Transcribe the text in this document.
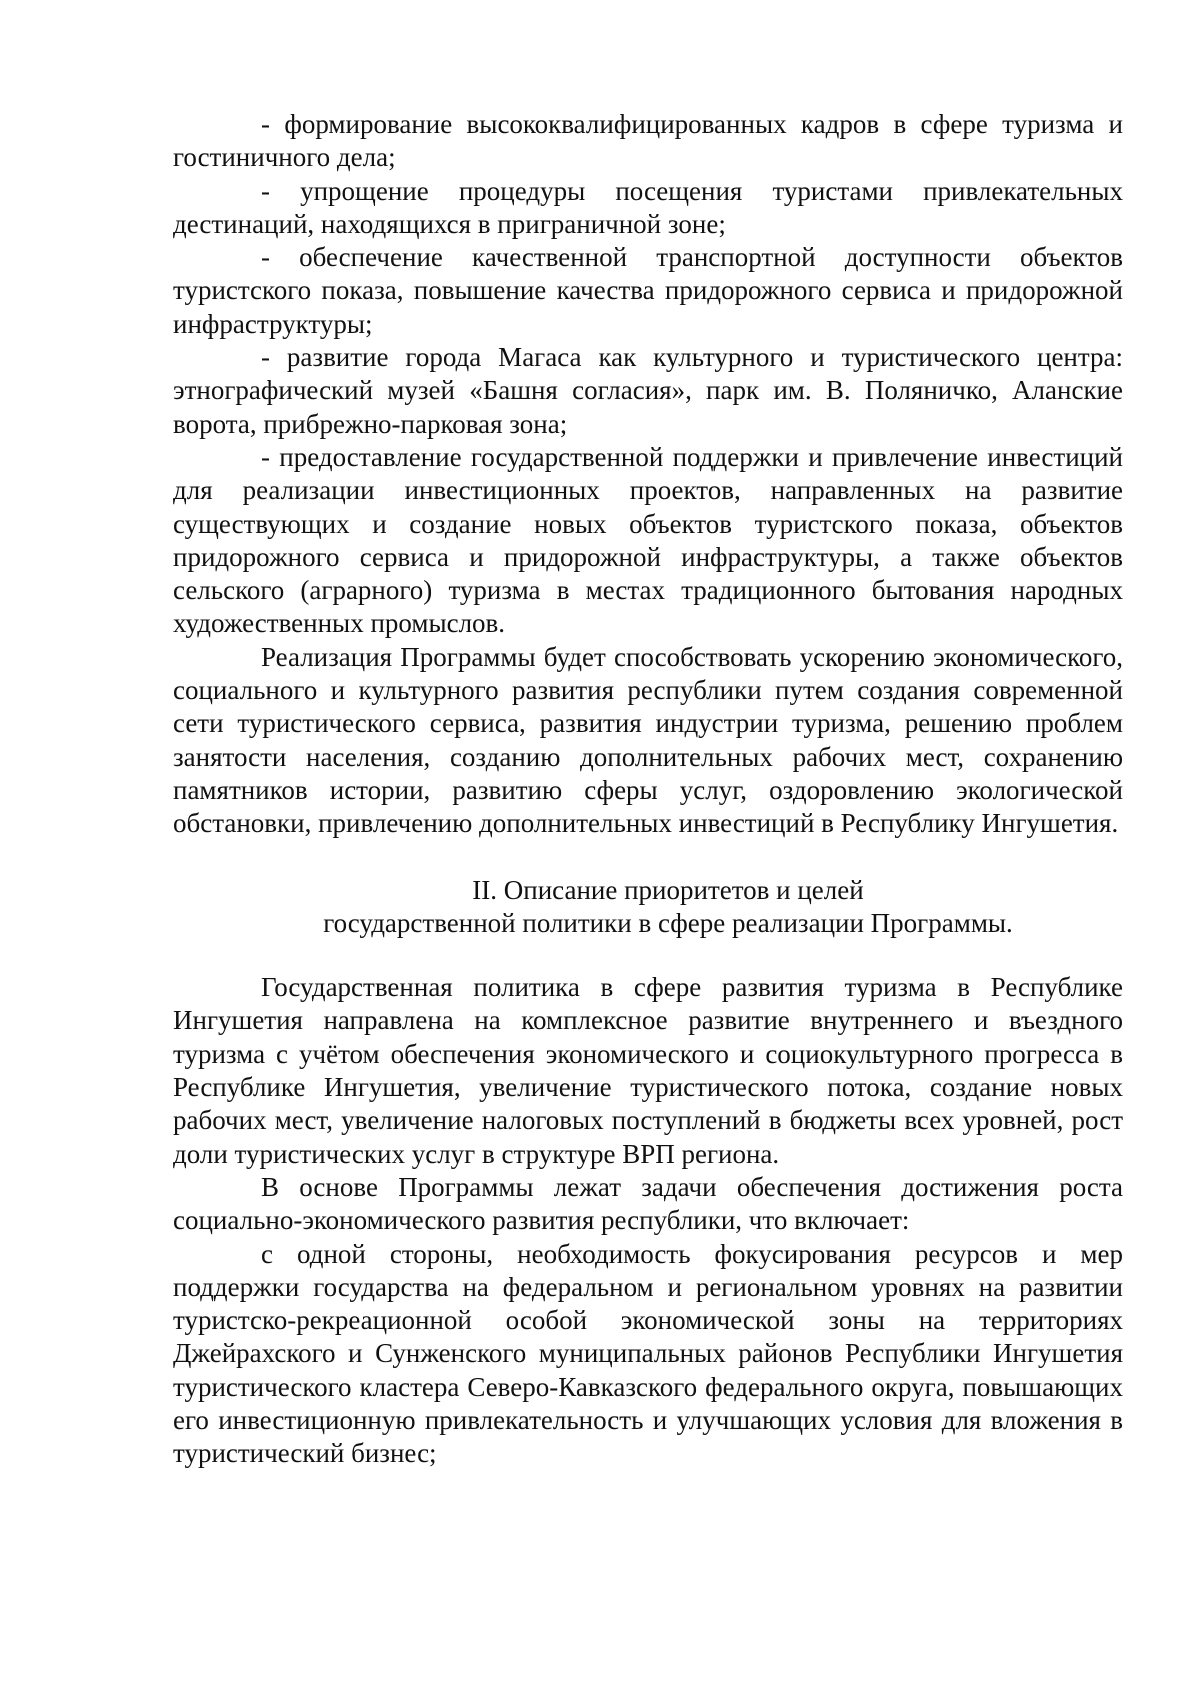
- формирование высококвалифицированных кадров в сфере туризма и гостиничного дела;

- упрощение процедуры посещения туристами привлекательных дестинаций, находящихся в приграничной зоне;

- обеспечение качественной транспортной доступности объектов туристского показа, повышение качества придорожного сервиса и придорожной инфраструктуры;

- развитие города Магаса как культурного и туристического центра: этнографический музей «Башня согласия», парк им. В. Поляничко, Аланские ворота, прибрежно-парковая зона;

- предоставление государственной поддержки и привлечение инвестиций для реализации инвестиционных проектов, направленных на развитие существующих и создание новых объектов туристского показа, объектов придорожного сервиса и придорожной инфраструктуры, а также объектов сельского (аграрного) туризма в местах традиционного бытования народных художественных промыслов.

Реализация Программы будет способствовать ускорению экономического, социального и культурного развития республики путем создания современной сети туристического сервиса, развития индустрии туризма, решению проблем занятости населения, созданию дополнительных рабочих мест, сохранению памятников истории, развитию сферы услуг, оздоровлению экологической обстановки, привлечению дополнительных инвестиций в Республику Ингушетия.

II. Описание приоритетов и целей
государственной политики в сфере реализации Программы.

Государственная политика в сфере развития туризма в Республике Ингушетия направлена на комплексное развитие внутреннего и въездного туризма с учётом обеспечения экономического и социокультурного прогресса в Республике Ингушетия, увеличение туристического потока, создание новых рабочих мест, увеличение налоговых поступлений в бюджеты всех уровней, рост доли туристических услуг в структуре ВРП региона.

В основе Программы лежат задачи обеспечения достижения роста социально-экономического развития республики, что включает:

с одной стороны, необходимость фокусирования ресурсов и мер поддержки государства на федеральном и региональном уровнях на развитии туристско-рекреационной особой экономической зоны на территориях Джейрахского и Сунженского муниципальных районов Республики Ингушетия туристического кластера Северо-Кавказского федерального округа, повышающих его инвестиционную привлекательность и улучшающих условия для вложения в туристический бизнес;
